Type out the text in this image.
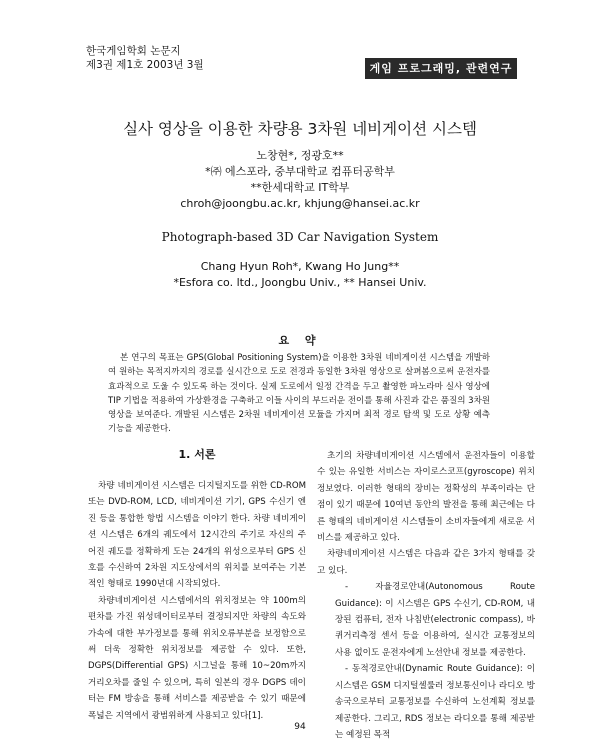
한국게임학회 논문지
제3권 제1호 2003년 3월	게임 프로그래밍, 관련연구
실사 영상을 이용한 차량용 3차원 네비게이션 시스템
노창현*, 정광호**
*㈜ 에스포라, 중부대학교 컴퓨터공학부
**한세대학교 IT학부
chroh@joongbu.ac.kr, khjung@hansei.ac.kr
Photograph-based 3D Car Navigation System
Chang Hyun Roh*, Kwang Ho Jung**
*Esfora co. ltd., Joongbu Univ., ** Hansei Univ.
요 약

본 연구의 목표는 GPS(Global Positioning System)을 이용한 3차원 네비게이션 시스템을 개발하여 원하는 목적지까지의 경로를 실시간으로 도로 전경과 동일한 3차원 영상으로 살펴봄으로써 운전자를 효과적으로 도울 수 있도록 하는 것이다. 실제 도로에서 일정 간격을 두고 촬영한 파노라마 실사 영상에 TIP 기법을 적용하여 가상환경을 구축하고 이들 사이의 부드러운 전이를 통해 사진과 같은 품질의 3차원 영상을 보여준다. 개발된 시스템은 2차원 네비게이션 모듈을 가지며 최적 경로 탐색 및 도로 상황 예측 기능을 제공한다.

1. 서론

차량 네비게이션 시스템은 디지털지도를 위한 CD-ROM 또는 DVD-ROM, LCD, 네비게이션 기기, GPS 수신기 엔진 등을 통합한 항법 시스템을 이야기 한다. 차량 네비게이션 시스템은 6개의 궤도에서 12시간의 주기로 자신의 주어진 궤도를 정확하게 도는 24개의 위성으로부터 GPS 신호를 수신하여 2차원 지도상에서의 위치를 보여주는 기본적인 형태로 1990년대 시작되었다.

차량네비게이션 시스템에서의 위치정보는 약 100m의 편차를 가진 위성데이터로부터 결정되지만 차량의 속도와 가속에 대한 부가정보를 통해 위치오류부분을 보정함으로써 더욱 정확한 위치정보를 제공할 수 있다. 또한, DGPS(Differential GPS) 시그널을 통해 10~20m까지 거리오차를 줄일 수 있으며, 특히 일본의 경우 DGPS 데이터는 FM 방송을 통해 서비스를 제공받을 수 있기 때문에 폭넓은 지역에서 광범위하게 사용되고 있다[1].

초기의 차량네비게이션 시스템에서 운전자들이 이용할 수 있는 유일한 서비스는 자이로스코프(gyroscope) 위치 정보였다. 이러한 형태의 장비는 정확성의 부족이라는 단점이 있기 때문에 10여년 동안의 발전을 통해 최근에는 다른 형태의 네비게이션 시스템들이 소비자들에게 새로운 서비스를 제공하고 있다.

차량네비게이션 시스템은 다음과 같은 3가지 형태를 갖고 있다.

- 자율경로안내(Autonomous Route Guidance): 이 시스템은 GPS 수신기, CD-ROM, 내장된 컴퓨터, 전자 나침반(electronic compass), 바퀴거리측정 센서 등을 이용하여, 실시간 교통정보의 사용 없이도 운전자에게 노선안내 정보를 제공한다.

- 동적경로안내(Dynamic Route Guidance): 이 시스템은 GSM 디지털셀룰러 정보통신이나 라디오 방송국으로부터 교통정보를 수신하여 노선계획 정보를 제공한다. 그리고, RDS 정보는 라디오를 통해 제공받는 예정된 목적

94
